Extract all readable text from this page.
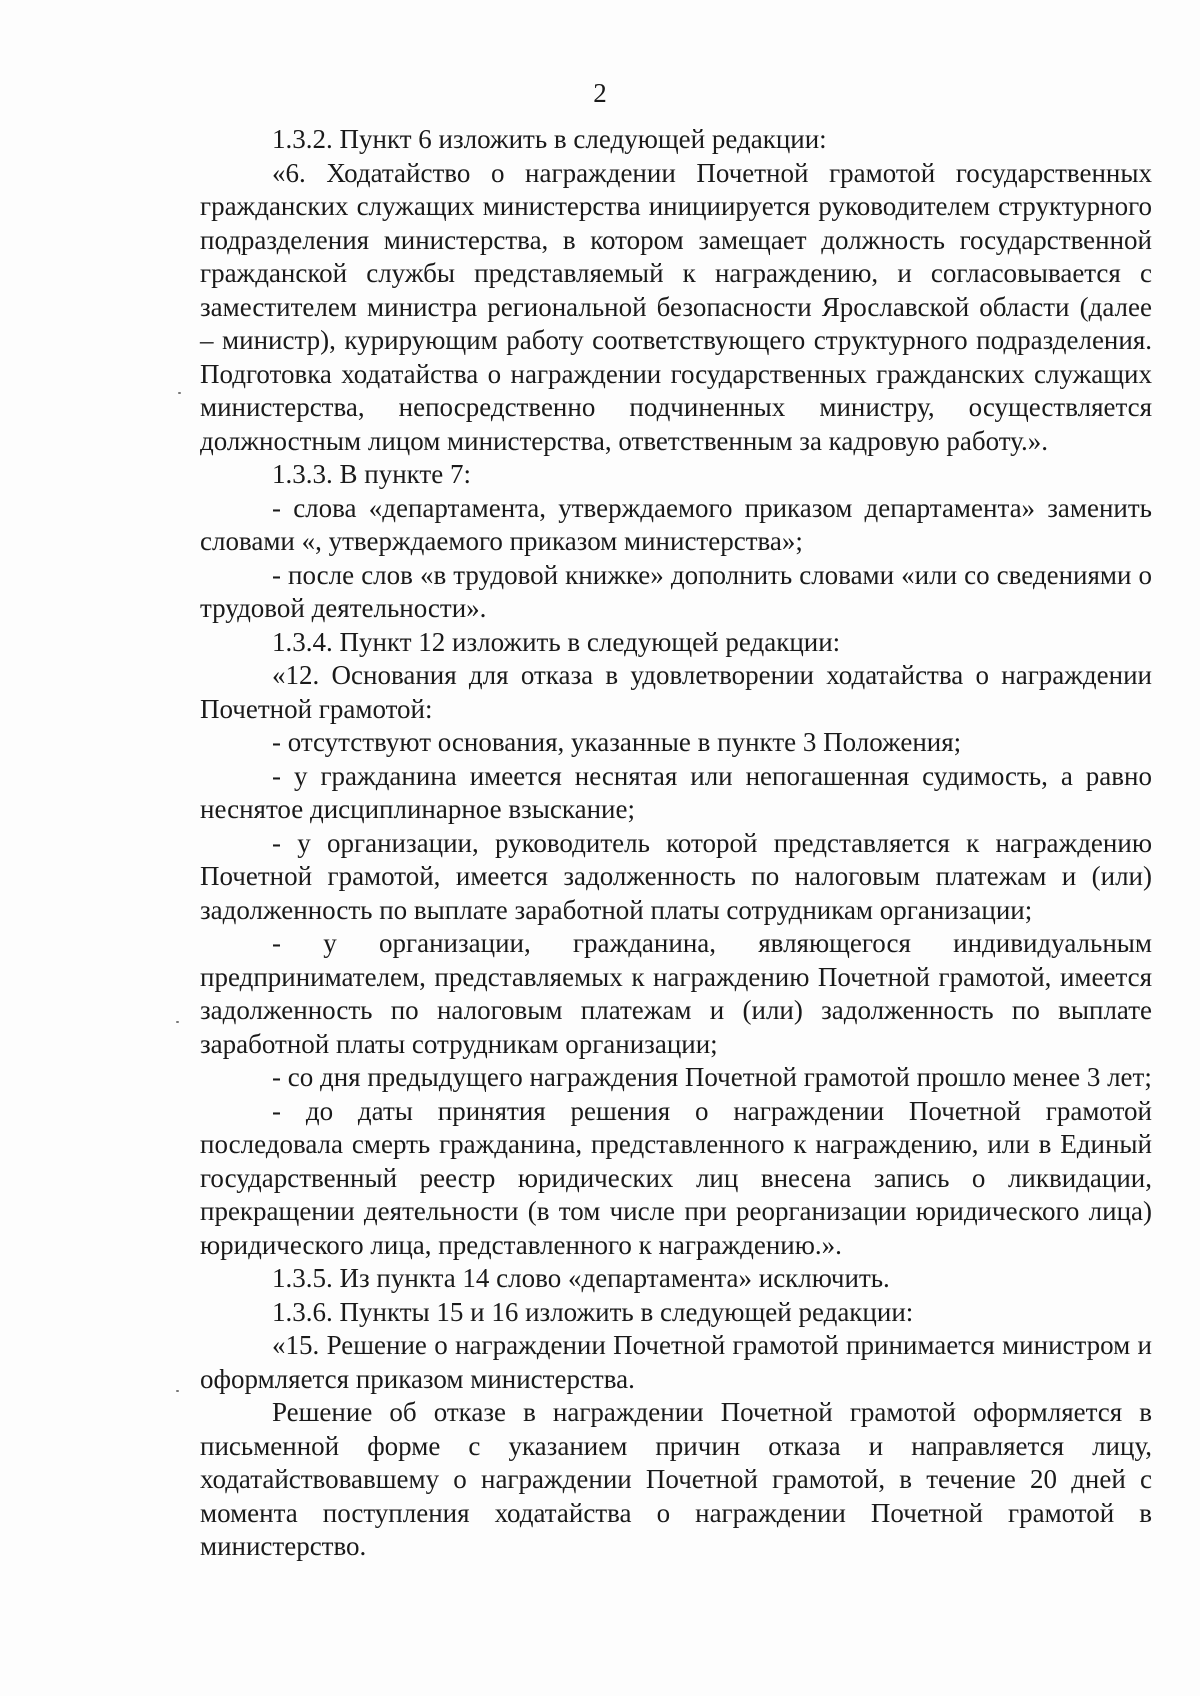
2

1.3.2. Пункт 6 изложить в следующей редакции:

«6. Ходатайство о награждении Почетной грамотой государственных гражданских служащих министерства инициируется руководителем структурного подразделения министерства, в котором замещает должность государственной гражданской службы представляемый к награждению, и согласовывается с заместителем министра региональной безопасности Ярославской области (далее – министр), курирующим работу соответствующего структурного подразделения. Подготовка ходатайства о награждении государственных гражданских служащих министерства, непосредственно подчиненных министру, осуществляется должностным лицом министерства, ответственным за кадровую работу.».

1.3.3. В пункте 7:

- слова «департамента, утверждаемого приказом департамента» заменить словами «, утверждаемого приказом министерства»;

- после слов «в трудовой книжке» дополнить словами «или со сведениями о трудовой деятельности».

1.3.4. Пункт 12 изложить в следующей редакции:

«12. Основания для отказа в удовлетворении ходатайства о награждении Почетной грамотой:

- отсутствуют основания, указанные в пункте 3 Положения;

- у гражданина имеется неснятая или непогашенная судимость, а равно неснятое дисциплинарное взыскание;

- у организации, руководитель которой представляется к награждению Почетной грамотой, имеется задолженность по налоговым платежам и (или) задолженность по выплате заработной платы сотрудникам организации;

- у организации, гражданина, являющегося индивидуальным предпринимателем, представляемых к награждению Почетной грамотой, имеется задолженность по налоговым платежам и (или) задолженность по выплате заработной платы сотрудникам организации;

- со дня предыдущего награждения Почетной грамотой прошло менее 3 лет;

- до даты принятия решения о награждении Почетной грамотой последовала смерть гражданина, представленного к награждению, или в Единый государственный реестр юридических лиц внесена запись о ликвидации, прекращении деятельности (в том числе при реорганизации юридического лица) юридического лица, представленного к награждению.».

1.3.5. Из пункта 14 слово «департамента» исключить.

1.3.6. Пункты 15 и 16 изложить в следующей редакции:

«15. Решение о награждении Почетной грамотой принимается министром и оформляется приказом министерства.

Решение об отказе в награждении Почетной грамотой оформляется в письменной форме с указанием причин отказа и направляется лицу, ходатайствовавшему о награждении Почетной грамотой, в течение 20 дней с момента поступления ходатайства о награждении Почетной грамотой в министерство.
